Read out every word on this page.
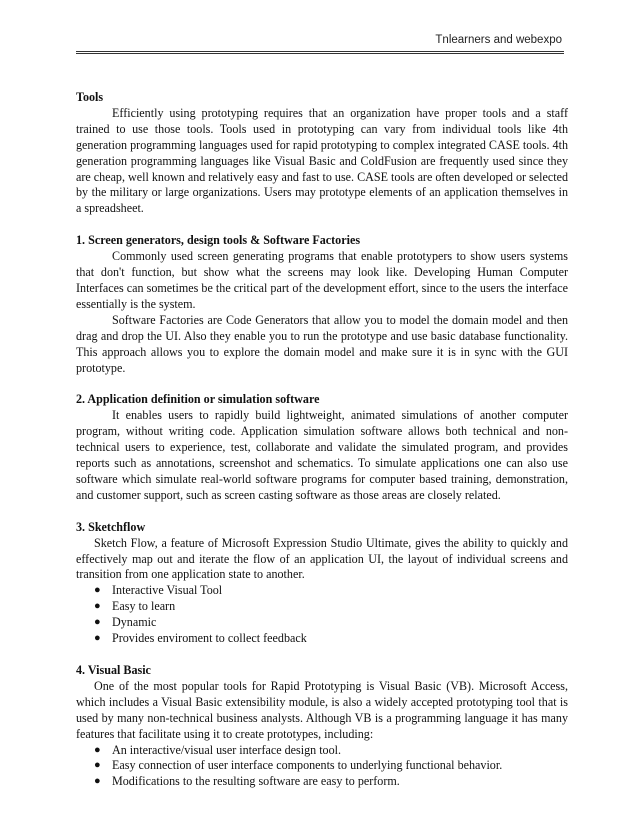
Tnlearners and webexpo

Tools

Efficiently using prototyping requires that an organization have proper tools and a staff trained to use those tools. Tools used in prototyping can vary from individual tools like 4th generation programming languages used for rapid prototyping to complex integrated CASE tools. 4th generation programming languages like Visual Basic and ColdFusion are frequently used since they are cheap, well known and relatively easy and fast to use. CASE tools are often developed or selected by the military or large organizations. Users may prototype elements of an application themselves in a spreadsheet.

1. Screen generators, design tools & Software Factories

Commonly used screen generating programs that enable prototypers to show users systems that don't function, but show what the screens may look like. Developing Human Computer Interfaces can sometimes be the critical part of the development effort, since to the users the interface essentially is the system.

Software Factories are Code Generators that allow you to model the domain model and then drag and drop the UI. Also they enable you to run the prototype and use basic database functionality. This approach allows you to explore the domain model and make sure it is in sync with the GUI prototype.

2. Application definition or simulation software

It enables users to rapidly build lightweight, animated simulations of another computer program, without writing code. Application simulation software allows both technical and non-technical users to experience, test, collaborate and validate the simulated program, and provides reports such as annotations, screenshot and schematics. To simulate applications one can also use software which simulate real-world software programs for computer based training, demonstration, and customer support, such as screen casting software as those areas are closely related.

3. Sketchflow

Sketch Flow, a feature of Microsoft Expression Studio Ultimate, gives the ability to quickly and effectively map out and iterate the flow of an application UI, the layout of individual screens and transition from one application state to another.

● Interactive Visual Tool
● Easy to learn
● Dynamic
● Provides enviroment to collect feedback

4. Visual Basic

One of the most popular tools for Rapid Prototyping is Visual Basic (VB). Microsoft Access, which includes a Visual Basic extensibility module, is also a widely accepted prototyping tool that is used by many non-technical business analysts. Although VB is a programming language it has many features that facilitate using it to create prototypes, including:

● An interactive/visual user interface design tool.
● Easy connection of user interface components to underlying functional behavior.
● Modifications to the resulting software are easy to perform.
